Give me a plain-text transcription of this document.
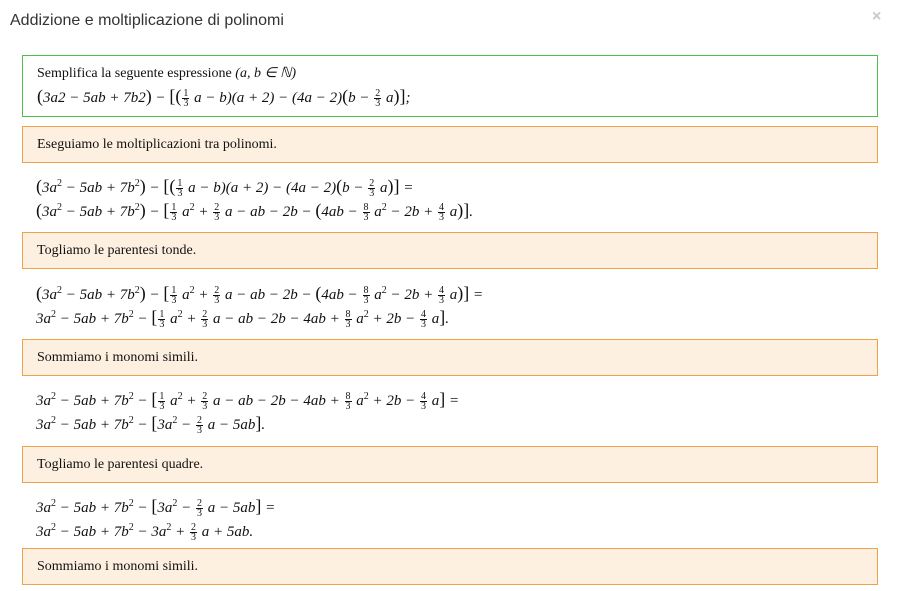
Addizione e moltiplicazione di polinomi	×
Semplifica la seguente espressione (a, b ∈ ℕ)
(3a2 − 5ab + 7b2) − [( $\frac{1}{3}$ $a - b)(a + 2) - (4a - 2)(b - \frac{2}{3} a)$];
Eseguiamo le moltiplicazioni tra polinomi.
$(3a^2 - 5ab + 7b^2)$ − [( $\frac{1}{3}$ $a - b)(a + 2) - (4a - 2)(b - \frac{2}{3} a)$] =
$(3a^2 - 5ab + 7b^2)$ − [ $\frac{1}{3} a^2 + \frac{2}{3}$ a − ab − $2b - (4ab - \frac{8}{3} a^2 - 2b + \frac{4}{3} a)$].
Togliamo le parentesi tonde.
$(3a^2 - 5ab + 7b^2)$ − [ $\frac{1}{3} a^2 + \frac{2}{3}$ a − ab − $2b - (4ab - \frac{8}{3} a^2 - 2b + \frac{4}{3} a)$] =
$3a^2 - 5ab + 7b^2$ − [ $\frac{1}{3} a^2 + \frac{2}{3}$ a − ab − $2b - 4ab + \frac{8}{3} a^2 + 2b - \frac{4}{3} a$].
Sommiamo i monomi simili.
$3a^2 - 5ab + 7b^2$ − [ $\frac{1}{3} a^2 + \frac{2}{3}$ a − ab − $2b - 4ab + \frac{8}{3} a^2 + 2b - \frac{4}{3} a$] =
$3a^2 - 5ab + 7b^2 - [3a^2 - \frac{2}{3}$ a − 5ab].
Togliamo le parentesi quadre.
$3a^2 - 5ab + 7b^2 - [3a^2 - \frac{2}{3}$ a − 5ab] =
$3a^2 - 5ab + 7b^2 - 3a^2 + \frac{2}{3}$ a + 5ab.
Sommiamo i monomi simili.
